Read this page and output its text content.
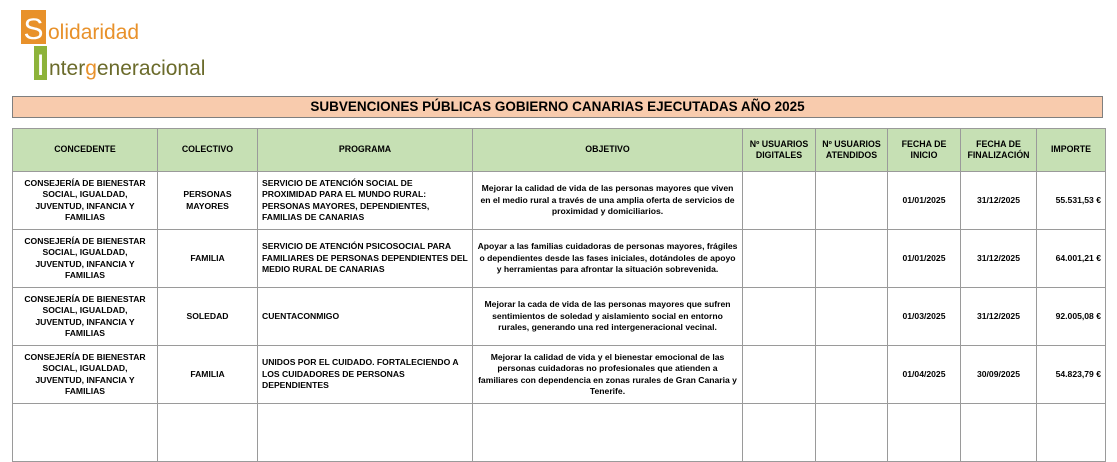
S olidaridad
I ntergeneracional
SUBVENCIONES PÚBLICAS GOBIERNO CANARIAS EJECUTADAS AÑO 2025
CONCEDENTE	COLECTIVO	PROGRAMA	OBJETIVO	Nº USUARIOS DIGITALES	Nº USUARIOS ATENDIDOS	FECHA DE INICIO	FECHA DE FINALIZACIÓN	IMPORTE
CONSEJERÍA DE BIENESTAR SOCIAL, IGUALDAD, JUVENTUD, INFANCIA Y FAMILIAS	PERSONAS MAYORES	SERVICIO DE ATENCIÓN SOCIAL DE PROXIMIDAD PARA EL MUNDO RURAL: PERSONAS MAYORES, DEPENDIENTES, FAMILIAS DE CANARIAS	Mejorar la calidad de vida de las personas mayores que viven en el medio rural a través de una amplia oferta de servicios de proximidad y domiciliarios.			01/01/2025	31/12/2025	55.531,53 €
CONSEJERÍA DE BIENESTAR SOCIAL, IGUALDAD, JUVENTUD, INFANCIA Y FAMILIAS	FAMILIA	SERVICIO DE ATENCIÓN PSICOSOCIAL PARA FAMILIARES DE PERSONAS DEPENDIENTES DEL MEDIO RURAL DE CANARIAS	Apoyar a las familias cuidadoras de personas mayores, frágiles o dependientes desde las fases iniciales, dotándoles de apoyo y herramientas para afrontar la situación sobrevenida.			01/01/2025	31/12/2025	64.001,21 €
CONSEJERÍA DE BIENESTAR SOCIAL, IGUALDAD, JUVENTUD, INFANCIA Y FAMILIAS	SOLEDAD	CUENTACONMIGO	Mejorar la cada de vida de las personas mayores que sufren sentimientos de soledad y aislamiento social en entorno rurales, generando una red intergeneracional vecinal.			01/03/2025	31/12/2025	92.005,08 €
CONSEJERÍA DE BIENESTAR SOCIAL, IGUALDAD, JUVENTUD, INFANCIA Y FAMILIAS	FAMILIA	UNIDOS POR EL CUIDADO. FORTALECIENDO A LOS CUIDADORES DE PERSONAS DEPENDIENTES	Mejorar la calidad de vida y el bienestar emocional de las personas cuidadoras no profesionales que atienden a familiares con dependencia en zonas rurales de Gran Canaria y Tenerife.			01/04/2025	30/09/2025	54.823,79 €
